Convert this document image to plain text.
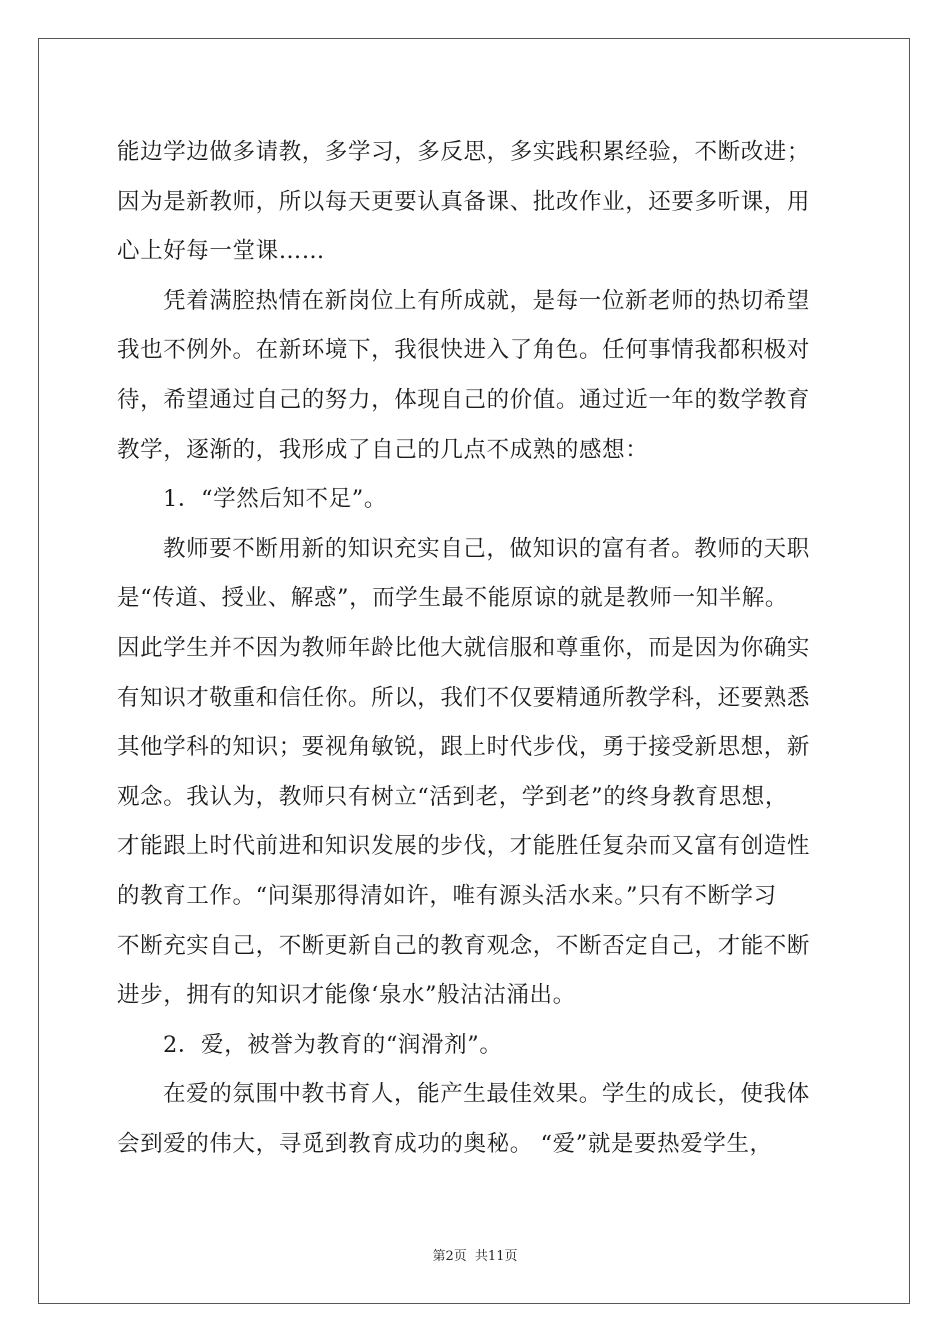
能边学边做多请教，多学习，多反思，多实践积累经验，不断改进；
因为是新教师，所以每天更要认真备课、批改作业，还要多听课，用
心上好每一堂课……
凭着满腔热情在新岗位上有所成就，是每一位新老师的热切希望
我也不例外。在新环境下，我很快进入了角色。任何事情我都积极对
待，希望通过自己的努力，体现自己的价值。通过近一年的数学教育
教学，逐渐的，我形成了自己的几点不成熟的感想：
1．“学然后知不足”。
教师要不断用新的知识充实自己，做知识的富有者。教师的天职
是“传道、授业、解惑”，而学生最不能原谅的就是教师一知半解。
因此学生并不因为教师年龄比他大就信服和尊重你，而是因为你确实
有知识才敬重和信任你。所以，我们不仅要精通所教学科，还要熟悉
其他学科的知识；要视角敏锐，跟上时代步伐，勇于接受新思想，新
观念。我认为，教师只有树立“活到老，学到老”的终身教育思想，
才能跟上时代前进和知识发展的步伐，才能胜任复杂而又富有创造性
的教育工作。“问渠那得清如许，唯有源头活水来。”只有不断学习
不断充实自己，不断更新自己的教育观念，不断否定自己，才能不断
进步，拥有的知识才能像‘泉水”般沽沽涌出。
2．爱，被誉为教育的“润滑剂”。
在爱的氛围中教书育人，能产生最佳效果。学生的成长，使我体
会到爱的伟大，寻觅到教育成功的奥秘。 “爱”就是要热爱学生，
第2页 共11页
